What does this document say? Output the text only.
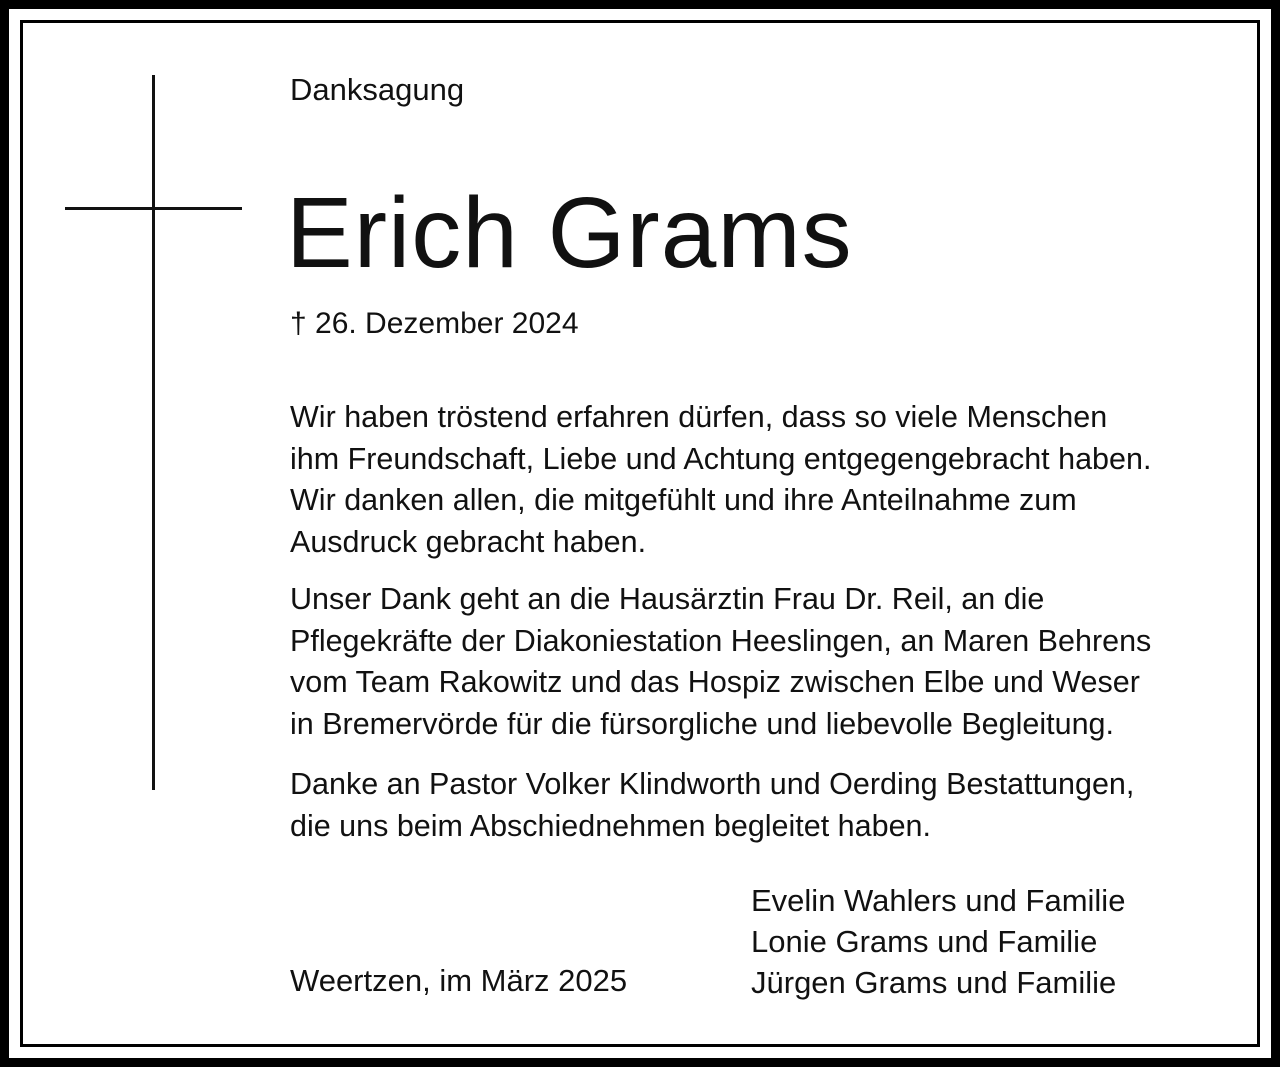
Danksagung
Erich Grams
† 26. Dezember 2024
Wir haben tröstend erfahren dürfen, dass so viele Menschen
ihm Freundschaft, Liebe und Achtung entgegengebracht haben.
Wir danken allen, die mitgefühlt und ihre Anteilnahme zum
Ausdruck gebracht haben.
Unser Dank geht an die Hausärztin Frau Dr. Reil, an die
Pflegekräfte der Diakoniestation Heeslingen, an Maren Behrens
vom Team Rakowitz und das Hospiz zwischen Elbe und Weser
in Bremervörde für die fürsorgliche und liebevolle Begleitung.
Danke an Pastor Volker Klindworth und Oerding Bestattungen,
die uns beim Abschiednehmen begleitet haben.
Weertzen, im März 2025
Evelin Wahlers und Familie
Lonie Grams und Familie
Jürgen Grams und Familie
